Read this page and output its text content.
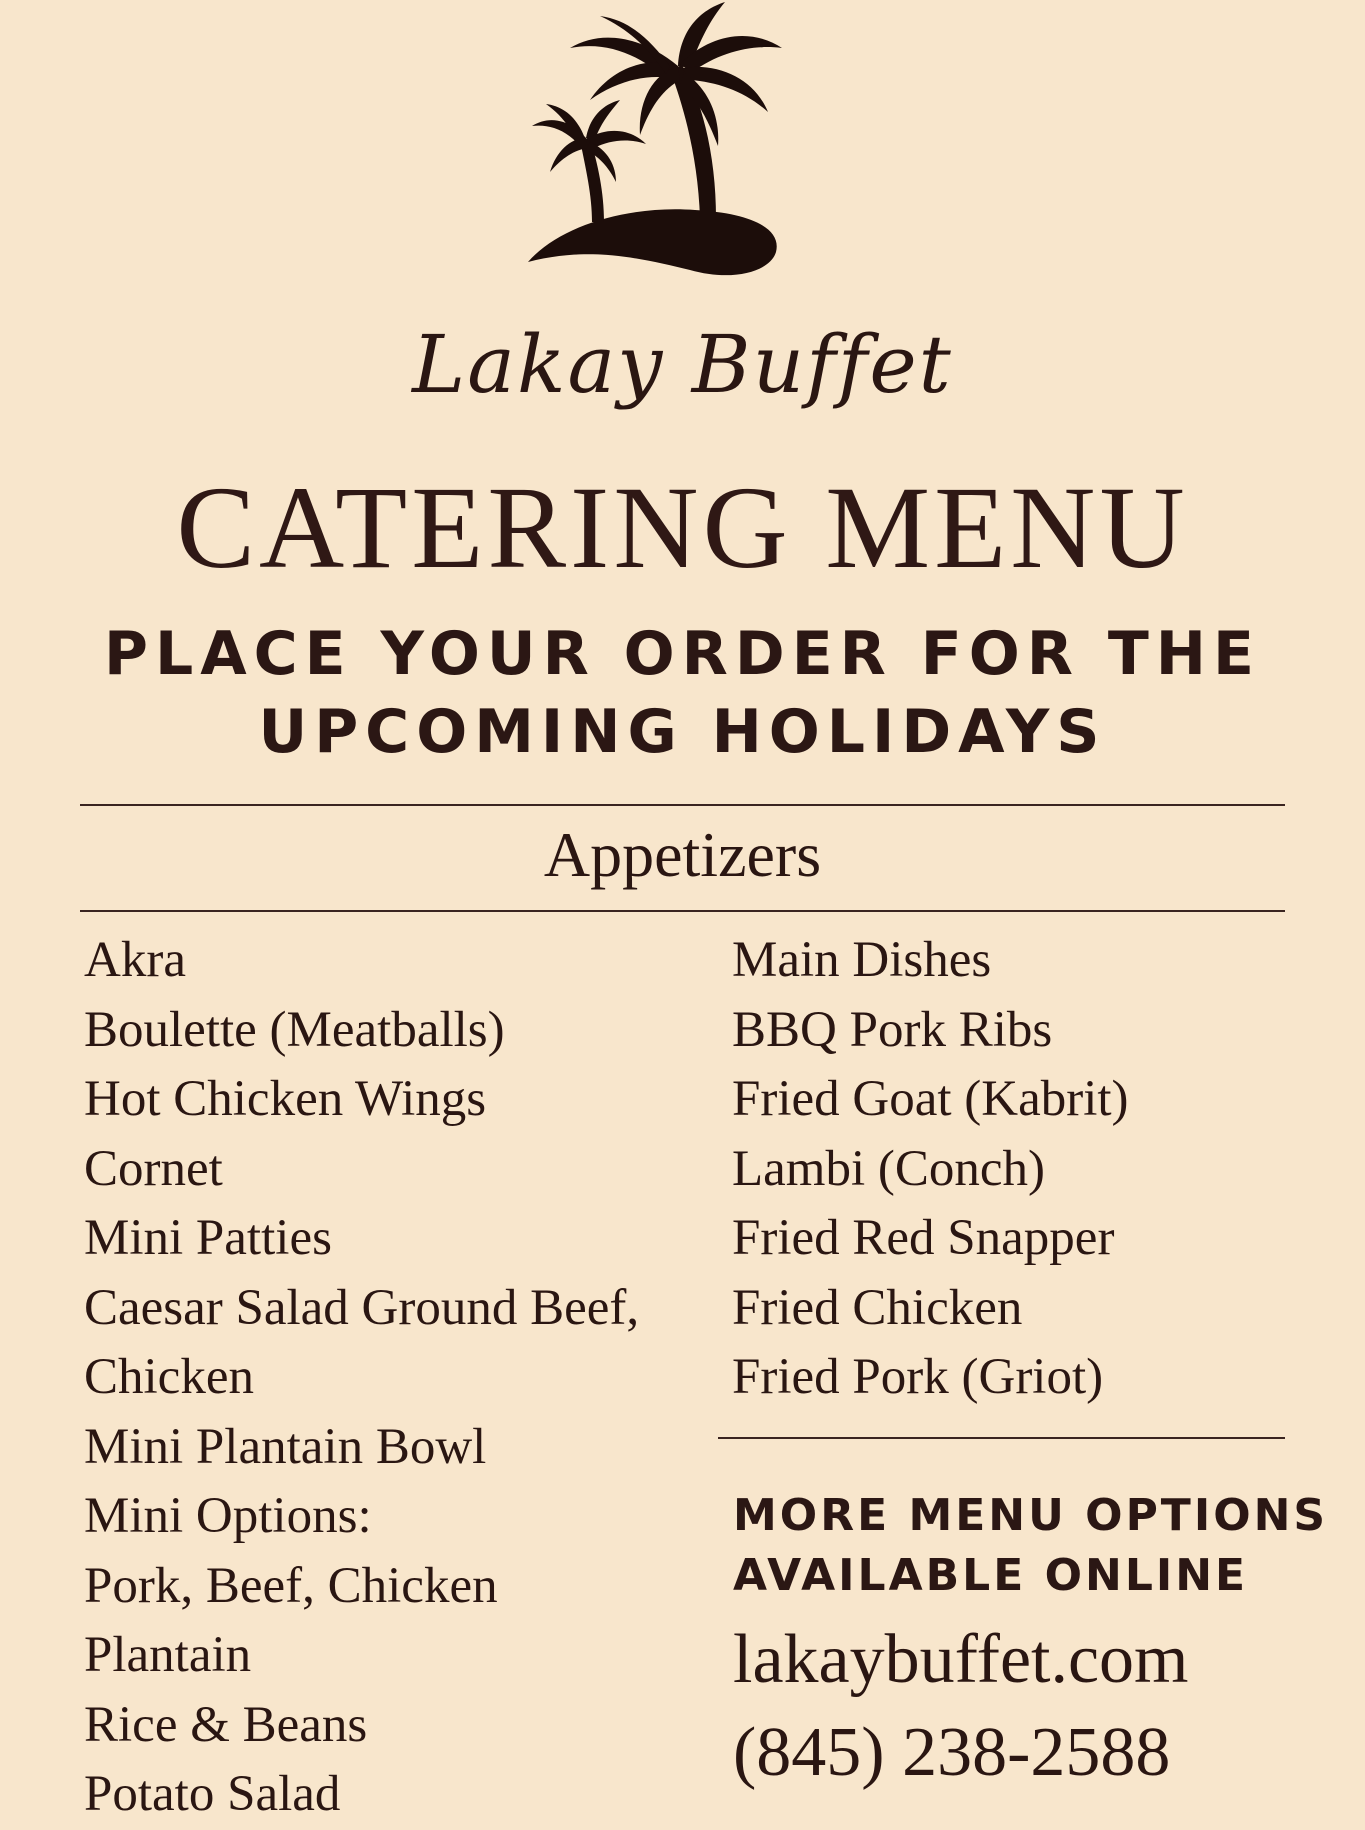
Lakay Buffet
CATERING MENU
PLACE YOUR ORDER FOR THE
UPCOMING HOLIDAYS
Appetizers
Akra
Boulette (Meatballs)
Hot Chicken Wings
Cornet
Mini Patties
Caesar Salad Ground Beef,
Chicken
Mini Plantain Bowl
Mini Options:
Pork, Beef, Chicken
Plantain
Rice & Beans
Potato Salad
Main Dishes
BBQ Pork Ribs
Fried Goat (Kabrit)
Lambi (Conch)
Fried Red Snapper
Fried Chicken
Fried Pork (Griot)
MORE MENU OPTIONS
AVAILABLE ONLINE
lakaybuffet.com
(845) 238-2588
